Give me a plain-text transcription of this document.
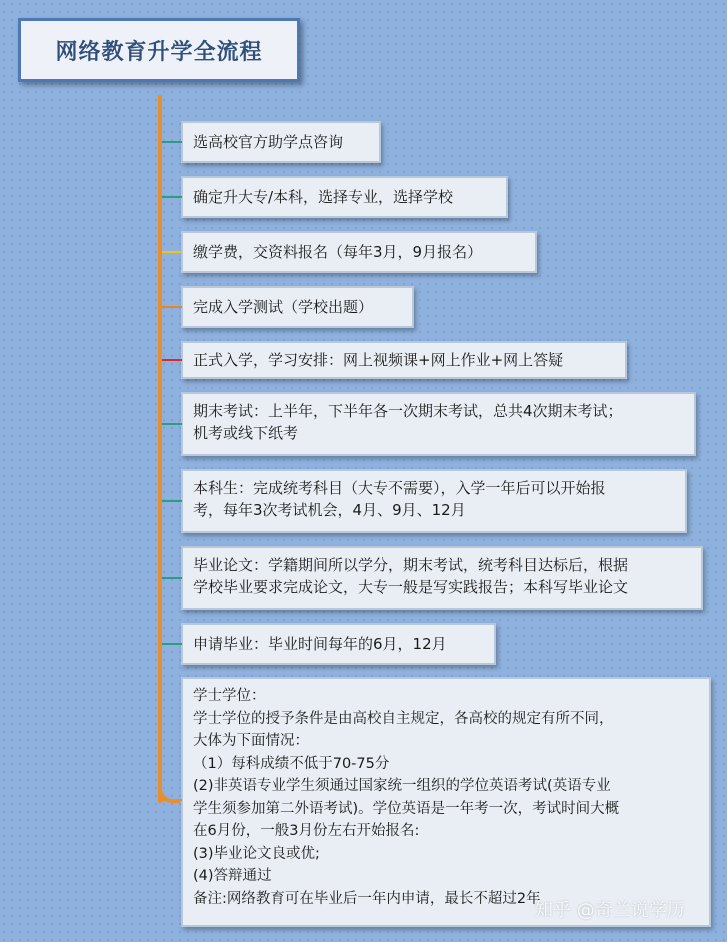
网络教育升学全流程
选高校官方助学点咨询
确定升大专/本科，选择专业，选择学校
缴学费，交资料报名（每年3月，9月报名）
完成入学测试（学校出题）
正式入学，学习安排：网上视频课+网上作业+网上答疑
期末考试：上半年，下半年各一次期末考试，总共4次期末考试；
机考或线下纸考
本科生：完成统考科目（大专不需要），入学一年后可以开始报
考，每年3次考试机会，4月、9月、12月
毕业论文：学籍期间所以学分，期末考试，统考科目达标后，根据
学校毕业要求完成论文，大专一般是写实践报告；本科写毕业论文
申请毕业：毕业时间每年的6月，12月
学士学位：
学士学位的授予条件是由高校自主规定，各高校的规定有所不同，
大体为下面情况：
（1）每科成绩不低于70-75分
(2)非英语专业学生须通过国家统一组织的学位英语考试(英语专业
学生须参加第二外语考试)。学位英语是一年考一次，考试时间大概
在6月份，一般3月份左右开始报名:
(3)毕业论文良或优;
(4)答辩通过
备注:网络教育可在毕业后一年内申请，最长不超过2年
知乎 @奇兰说学历
